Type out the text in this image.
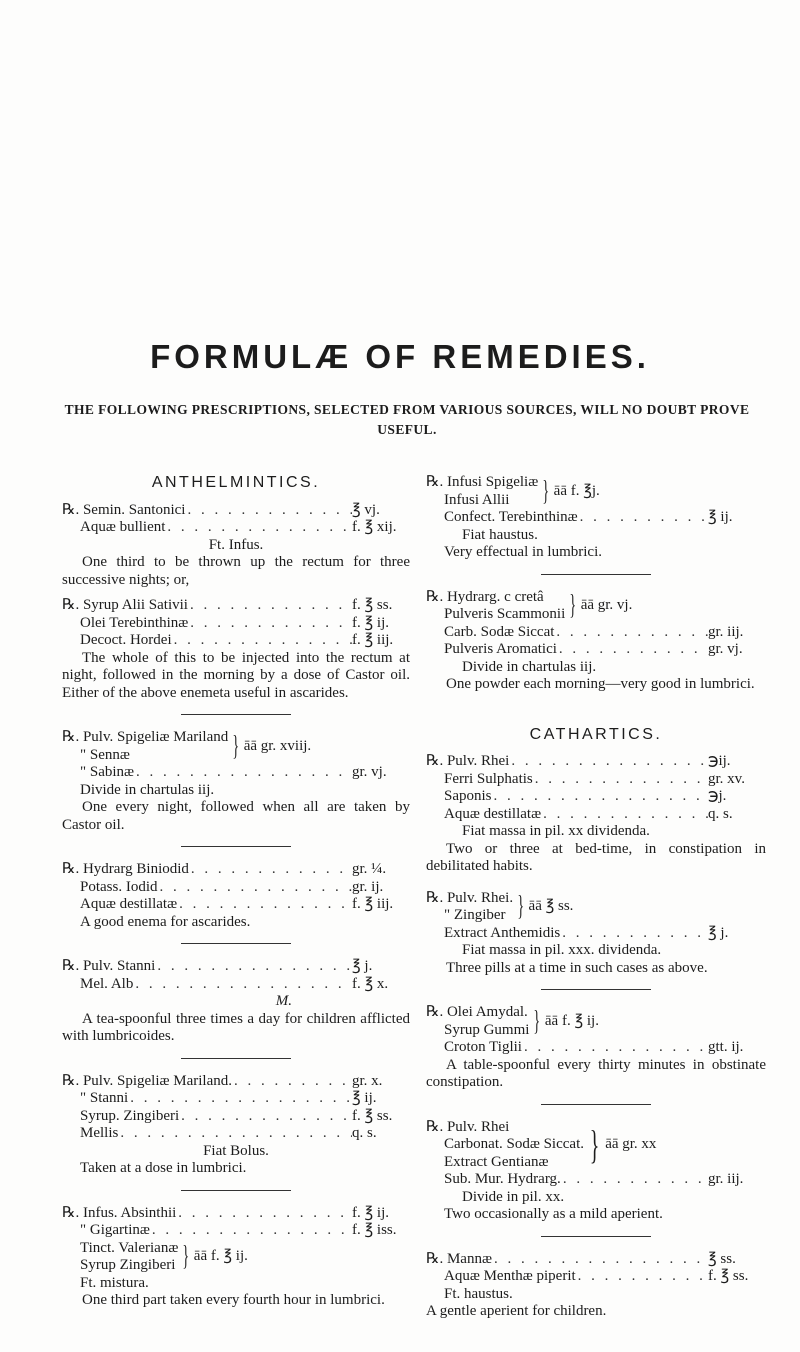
FORMULÆ OF REMEDIES.
THE FOLLOWING PRESCRIPTIONS, SELECTED FROM VARIOUS SOURCES, WILL NO DOUBT PROVE USEFUL.
ANTHELMINTICS.
℞. Semin. Santonici . . .	℥ vj.
Aquæ bullient . . .	f. ℥ xij.
Ft. Infus.
One third to be thrown up the rectum for three successive nights; or,
℞. Syrup Alii Sativii . . .	f. ℥ ss.
Olei Terebinthinæ . . .	f. ℥ ij.
Decoct. Hordei . . .	f. ℥ iij.
The whole of this to be injected into the rectum at night, followed in the morning by a dose of Castor oil. Either of the above enemeta useful in ascarides.
℞. Pulv. Spigeliæ Mariland
" Sennæ	} āā gr. xviij.
" Sabinæ . . .	gr. vj.
Divide in chartulas iij.
One every night, followed when all are taken by Castor oil.
℞. Hydrarg Biniodid . . .	gr. ¼.
Potass. Iodid . . .	gr. ij.
Aquæ destillatæ . . .	f. ℥ iij.
A good enema for ascarides.
℞. Pulv. Stanni . . .	℥ j.
Mel. Alb . . .	f. ℥ x.
M.
A tea-spoonful three times a day for children afflicted with lumbricoides.
℞. Pulv. Spigeliæ Mariland. . . .	gr. x.
" Stanni . . .	℥ ij.
Syrup. Zingiberi . . .	f. ℥ ss.
Mellis . . .	q. s.
Fiat Bolus.
Taken at a dose in lumbrici.
℞. Infus. Absinthii . . .	f. ℥ ij.
" Gigartinæ . . .	f. ℥ iss.
Tinct. Valerianæ
Syrup Zingiberi } āā f. ℥ ij.
Ft. mistura.
One third part taken every fourth hour in lumbrici.
℞. Infusi Spigeliæ
Infusi Allii	} āā f. ℥j.
Confect. Terebinthinæ . . .	℥ ij.
Fiat haustus.
Very effectual in lumbrici.
℞. Hydrarg. c cretâ
Pulveris Scammonii } āā gr. vj.
Carb. Sodæ Siccat . . .	gr. iij.
Pulveris Aromatici . . .	gr. vj.
Divide in chartulas iij.
One powder each morning—very good in lumbrici.
CATHARTICS.
℞. Pulv. Rhei . . .	℈ij.
Ferri Sulphatis . . .	gr. xv.
Saponis . . .	℈j.
Aquæ destillatæ . . .	q. s.
Fiat massa in pil. xx dividenda.
Two or three at bed-time, in constipation in debilitated habits.
℞. Pulv. Rhei.
" Zingiber } āā ℥ ss.
Extract Anthemidis . . .	℥ j.
Fiat massa in pil. xxx. dividenda.
Three pills at a time in such cases as above.
℞. Olei Amydal.
Syrup Gummi } āā f. ℥ ij.
Croton Tiglii . . .	gtt. ij.
A table-spoonful every thirty minutes in obstinate constipation.
℞. Pulv. Rhei
Carbonat. Sodæ Siccat.
Extract Gentianæ	} āā gr. xx
Sub. Mur. Hydrarg. . . .	gr. iij.
Divide in pil. xx.
Two occasionally as a mild aperient.
℞. Mannæ . . .	℥ ss.
Aquæ Menthæ piperit . . .	f. ℥ ss.
Ft. haustus.
A gentle aperient for children.
